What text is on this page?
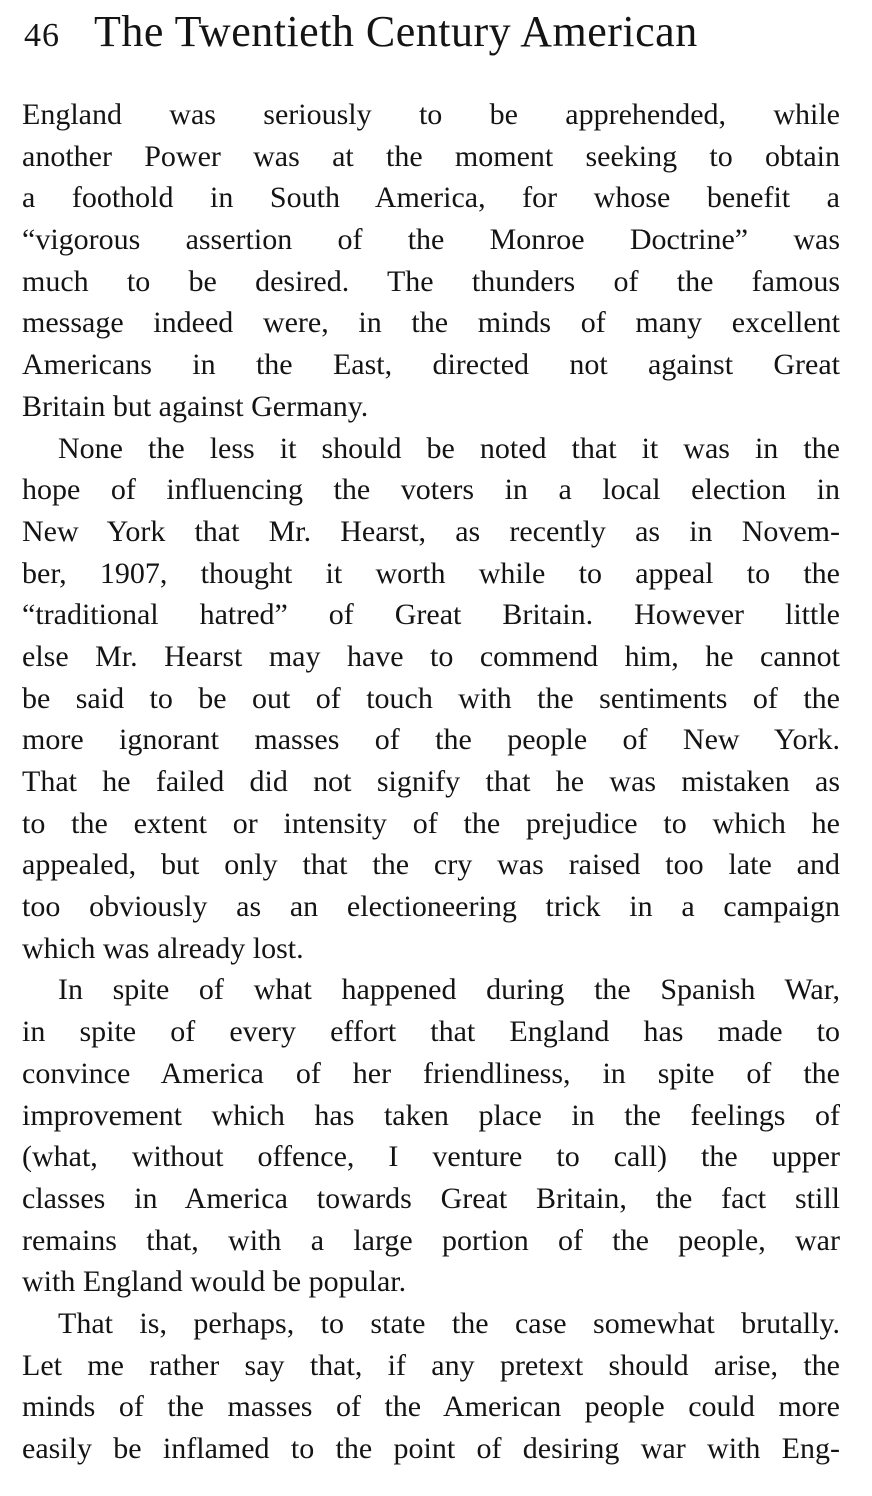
46 The Twentieth Century American
England was seriously to be apprehended, while
another Power was at the moment seeking to obtain
a foothold in South America, for whose benefit a
“vigorous assertion of the Monroe Doctrine” was
much to be desired. The thunders of the famous
message indeed were, in the minds of many excellent
Americans in the East, directed not against Great
Britain but against Germany.
None the less it should be noted that it was in the
hope of influencing the voters in a local election in
New York that Mr. Hearst, as recently as in Novem-
ber, 1907, thought it worth while to appeal to the
“traditional hatred” of Great Britain. However little
else Mr. Hearst may have to commend him, he cannot
be said to be out of touch with the sentiments of the
more ignorant masses of the people of New York.
That he failed did not signify that he was mistaken as
to the extent or intensity of the prejudice to which he
appealed, but only that the cry was raised too late and
too obviously as an electioneering trick in a campaign
which was already lost.
In spite of what happened during the Spanish War,
in spite of every effort that England has made to
convince America of her friendliness, in spite of the
improvement which has taken place in the feelings of
(what, without offence, I venture to call) the upper
classes in America towards Great Britain, the fact still
remains that, with a large portion of the people, war
with England would be popular.
That is, perhaps, to state the case somewhat brutally.
Let me rather say that, if any pretext should arise, the
minds of the masses of the American people could more
easily be inflamed to the point of desiring war with Eng-
